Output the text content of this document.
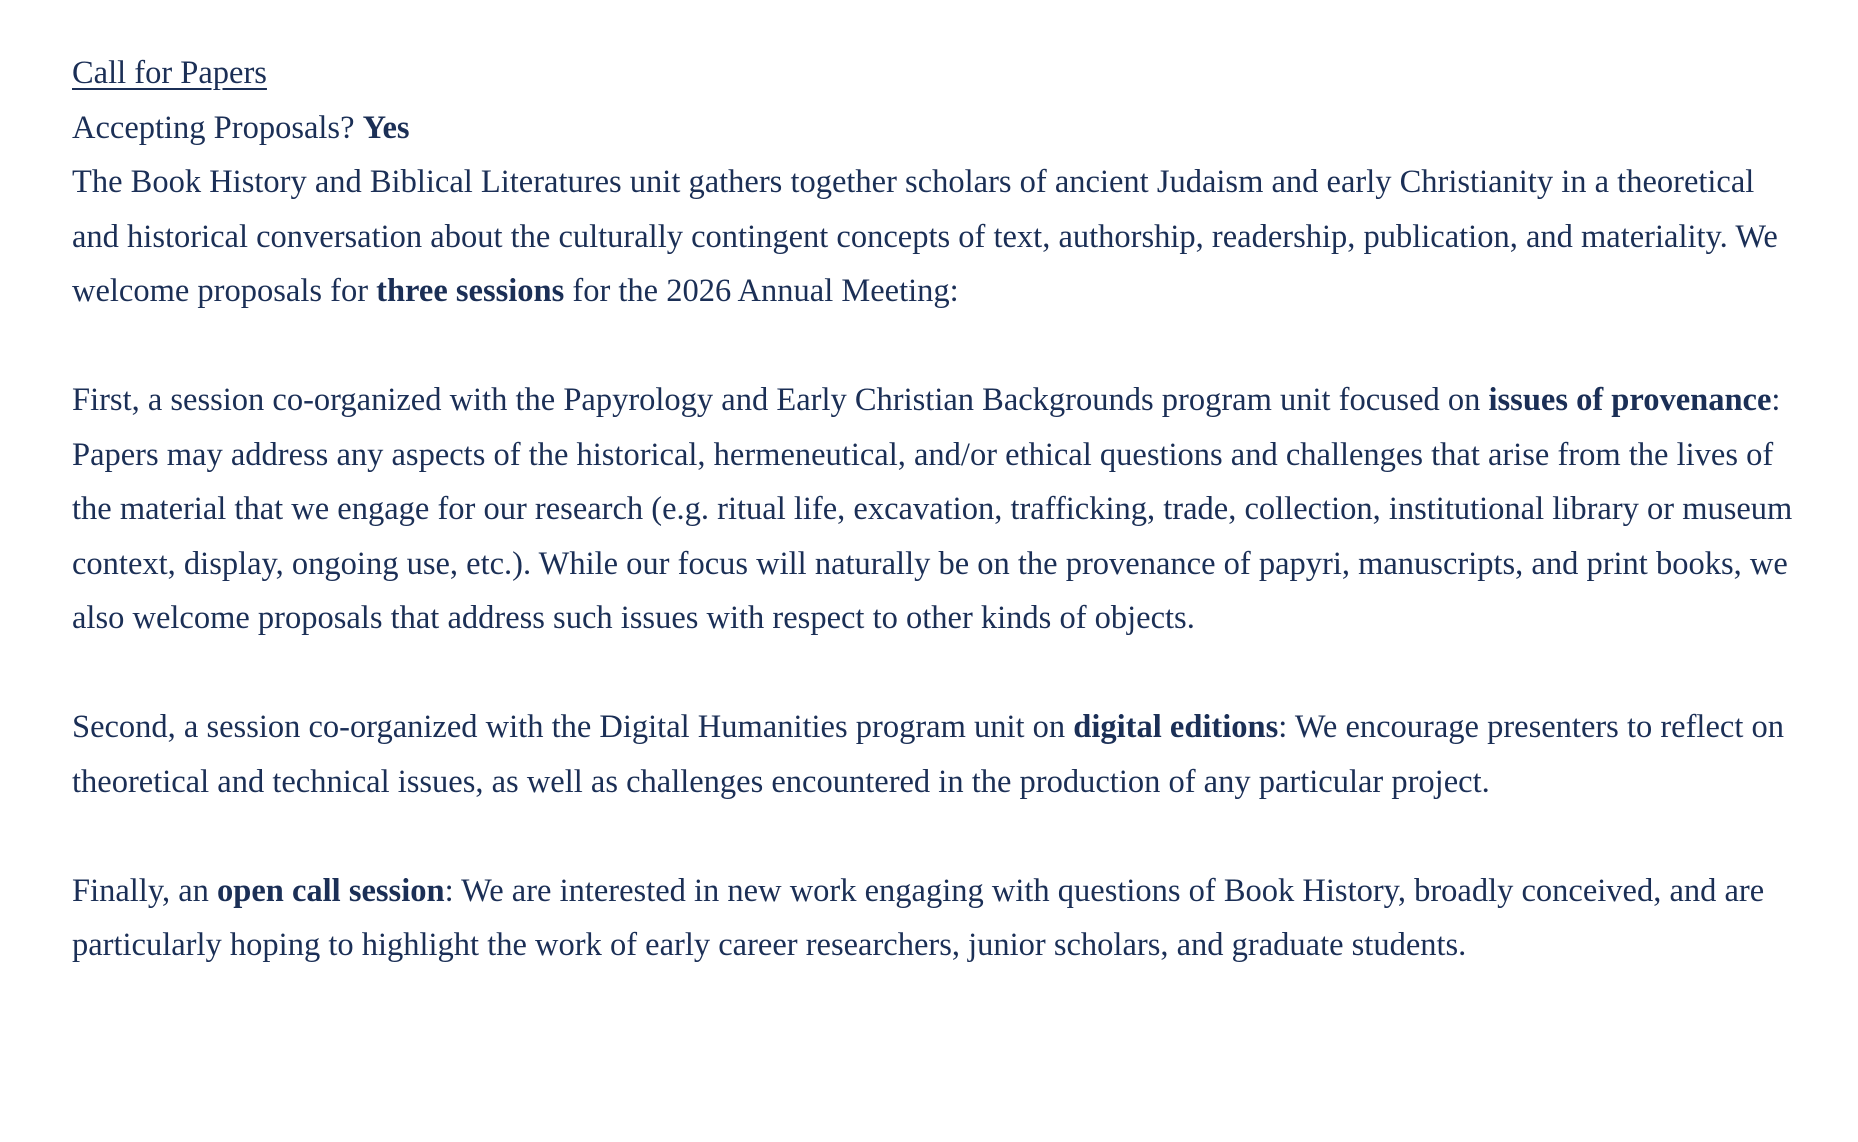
Call for Papers
Accepting Proposals? Yes

The Book History and Biblical Literatures unit gathers together scholars of ancient Judaism and early Christianity in a theoretical and historical conversation about the culturally contingent concepts of text, authorship, readership, publication, and materiality. We welcome proposals for three sessions for the 2026 Annual Meeting:

First, a session co-organized with the Papyrology and Early Christian Backgrounds program unit focused on issues of provenance: Papers may address any aspects of the historical, hermeneutical, and/or ethical questions and challenges that arise from the lives of the material that we engage for our research (e.g. ritual life, excavation, trafficking, trade, collection, institutional library or museum context, display, ongoing use, etc.). While our focus will naturally be on the provenance of papyri, manuscripts, and print books, we also welcome proposals that address such issues with respect to other kinds of objects.

Second, a session co-organized with the Digital Humanities program unit on digital editions: We encourage presenters to reflect on theoretical and technical issues, as well as challenges encountered in the production of any particular project.

Finally, an open call session: We are interested in new work engaging with questions of Book History, broadly conceived, and are particularly hoping to highlight the work of early career researchers, junior scholars, and graduate students.
